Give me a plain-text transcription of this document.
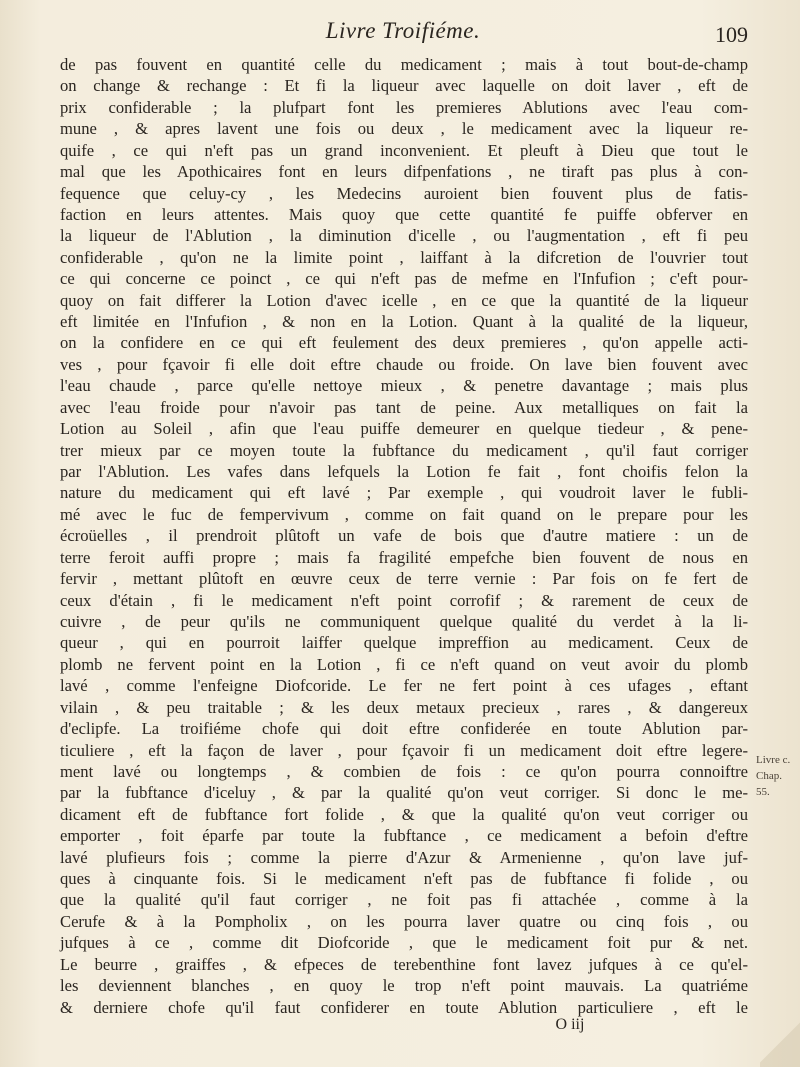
Livre Troifiéme.	109
de pas fouvent en quantité celle du medicament ; mais à tout bout-de-champ
on change & rechange : Et fi la liqueur avec laquelle on doit laver , eft de
prix confiderable ; la plufpart font les premieres Ablutions avec l'eau com-
mune , & apres lavent une fois ou deux , le medicament avec la liqueur re-
quife , ce qui n'eft pas un grand inconvenient. Et pleuft à Dieu que tout le
mal que les Apothicaires font en leurs difpenfations , ne tiraft pas plus à con-
fequence que celuy-cy , les Medecins auroient bien fouvent plus de fatis-
faction en leurs attentes. Mais quoy que cette quantité fe puiffe obferver en
la liqueur de l'Ablution , la diminution d'icelle , ou l'augmentation , eft fi peu
confiderable , qu'on ne la limite point , laiffant à la difcretion de l'ouvrier tout
ce qui concerne ce poinct , ce qui n'eft pas de mefme en l'Infufion ; c'eft pour-
quoy on fait differer la Lotion d'avec icelle , en ce que la quantité de la liqueur
eft limitée en l'Infufion , & non en la Lotion. Quant à la qualité de la liqueur,
on la confidere en ce qui eft feulement des deux premieres , qu'on appelle acti-
ves , pour fçavoir fi elle doit eftre chaude ou froide. On lave bien fouvent avec
l'eau chaude , parce qu'elle nettoye mieux , & penetre davantage ; mais plus
avec l'eau froide pour n'avoir pas tant de peine. Aux metalliques on fait la
Lotion au Soleil , afin que l'eau puiffe demeurer en quelque tiedeur , & pene-
trer mieux par ce moyen toute la fubftance du medicament , qu'il faut corriger
par l'Ablution. Les vafes dans lefquels la Lotion fe fait , font choifis felon la
nature du medicament qui eft lavé ; Par exemple , qui voudroit laver le fubli-
mé avec le fuc de fempervivum , comme on fait quand on le prepare pour les
écroüelles , il prendroit plûtoft un vafe de bois que d'autre matiere : un de
terre feroit auffi propre ; mais fa fragilité empefche bien fouvent de nous en
fervir , mettant plûtoft en œuvre ceux de terre vernie : Par fois on fe fert de
ceux d'étain , fi le medicament n'eft point corrofif ; & rarement de ceux de
cuivre , de peur qu'ils ne communiquent quelque qualité du verdet à la li-
queur , qui en pourroit laiffer quelque impreffion au medicament. Ceux de
plomb ne fervent point en la Lotion , fi ce n'eft quand on veut avoir du plomb
lavé , comme l'enfeigne Diofcoride. Le fer ne fert point à ces ufages , eftant
vilain , & peu traitable ; & les deux metaux precieux , rares , & dangereux
d'eclipfe. La troifiéme chofe qui doit eftre confiderée en toute Ablution par-
ticuliere , eft la façon de laver , pour fçavoir fi un medicament doit eftre legere-
ment lavé ou longtemps , & combien de fois : ce qu'on pourra connoiftre
par la fubftance d'iceluy , & par la qualité qu'on veut corriger. Si donc le me-
dicament eft de fubftance fort folide , & que la qualité qu'on veut corriger ou
emporter , foit éparfe par toute la fubftance , ce medicament a befoin d'eftre
lavé plufieurs fois ; comme la pierre d'Azur & Armenienne , qu'on lave juf-
ques à cinquante fois. Si le medicament n'eft pas de fubftance fi folide , ou
que la qualité qu'il faut corriger , ne foit pas fi attachée , comme à la
Cerufe & à la Pompholix , on les pourra laver quatre ou cinq fois , ou
jufques à ce , comme dit Diofcoride , que le medicament foit pur & net.
Le beurre , graiffes , & efpeces de terebenthine font lavez jufques à ce qu'el-
les deviennent blanches , en quoy le trop n'eft point mauvais. La quatriéme
& derniere chofe qu'il faut confiderer en toute Ablution particuliere , eft le
Livre c.
Chap. 55.
O iij
